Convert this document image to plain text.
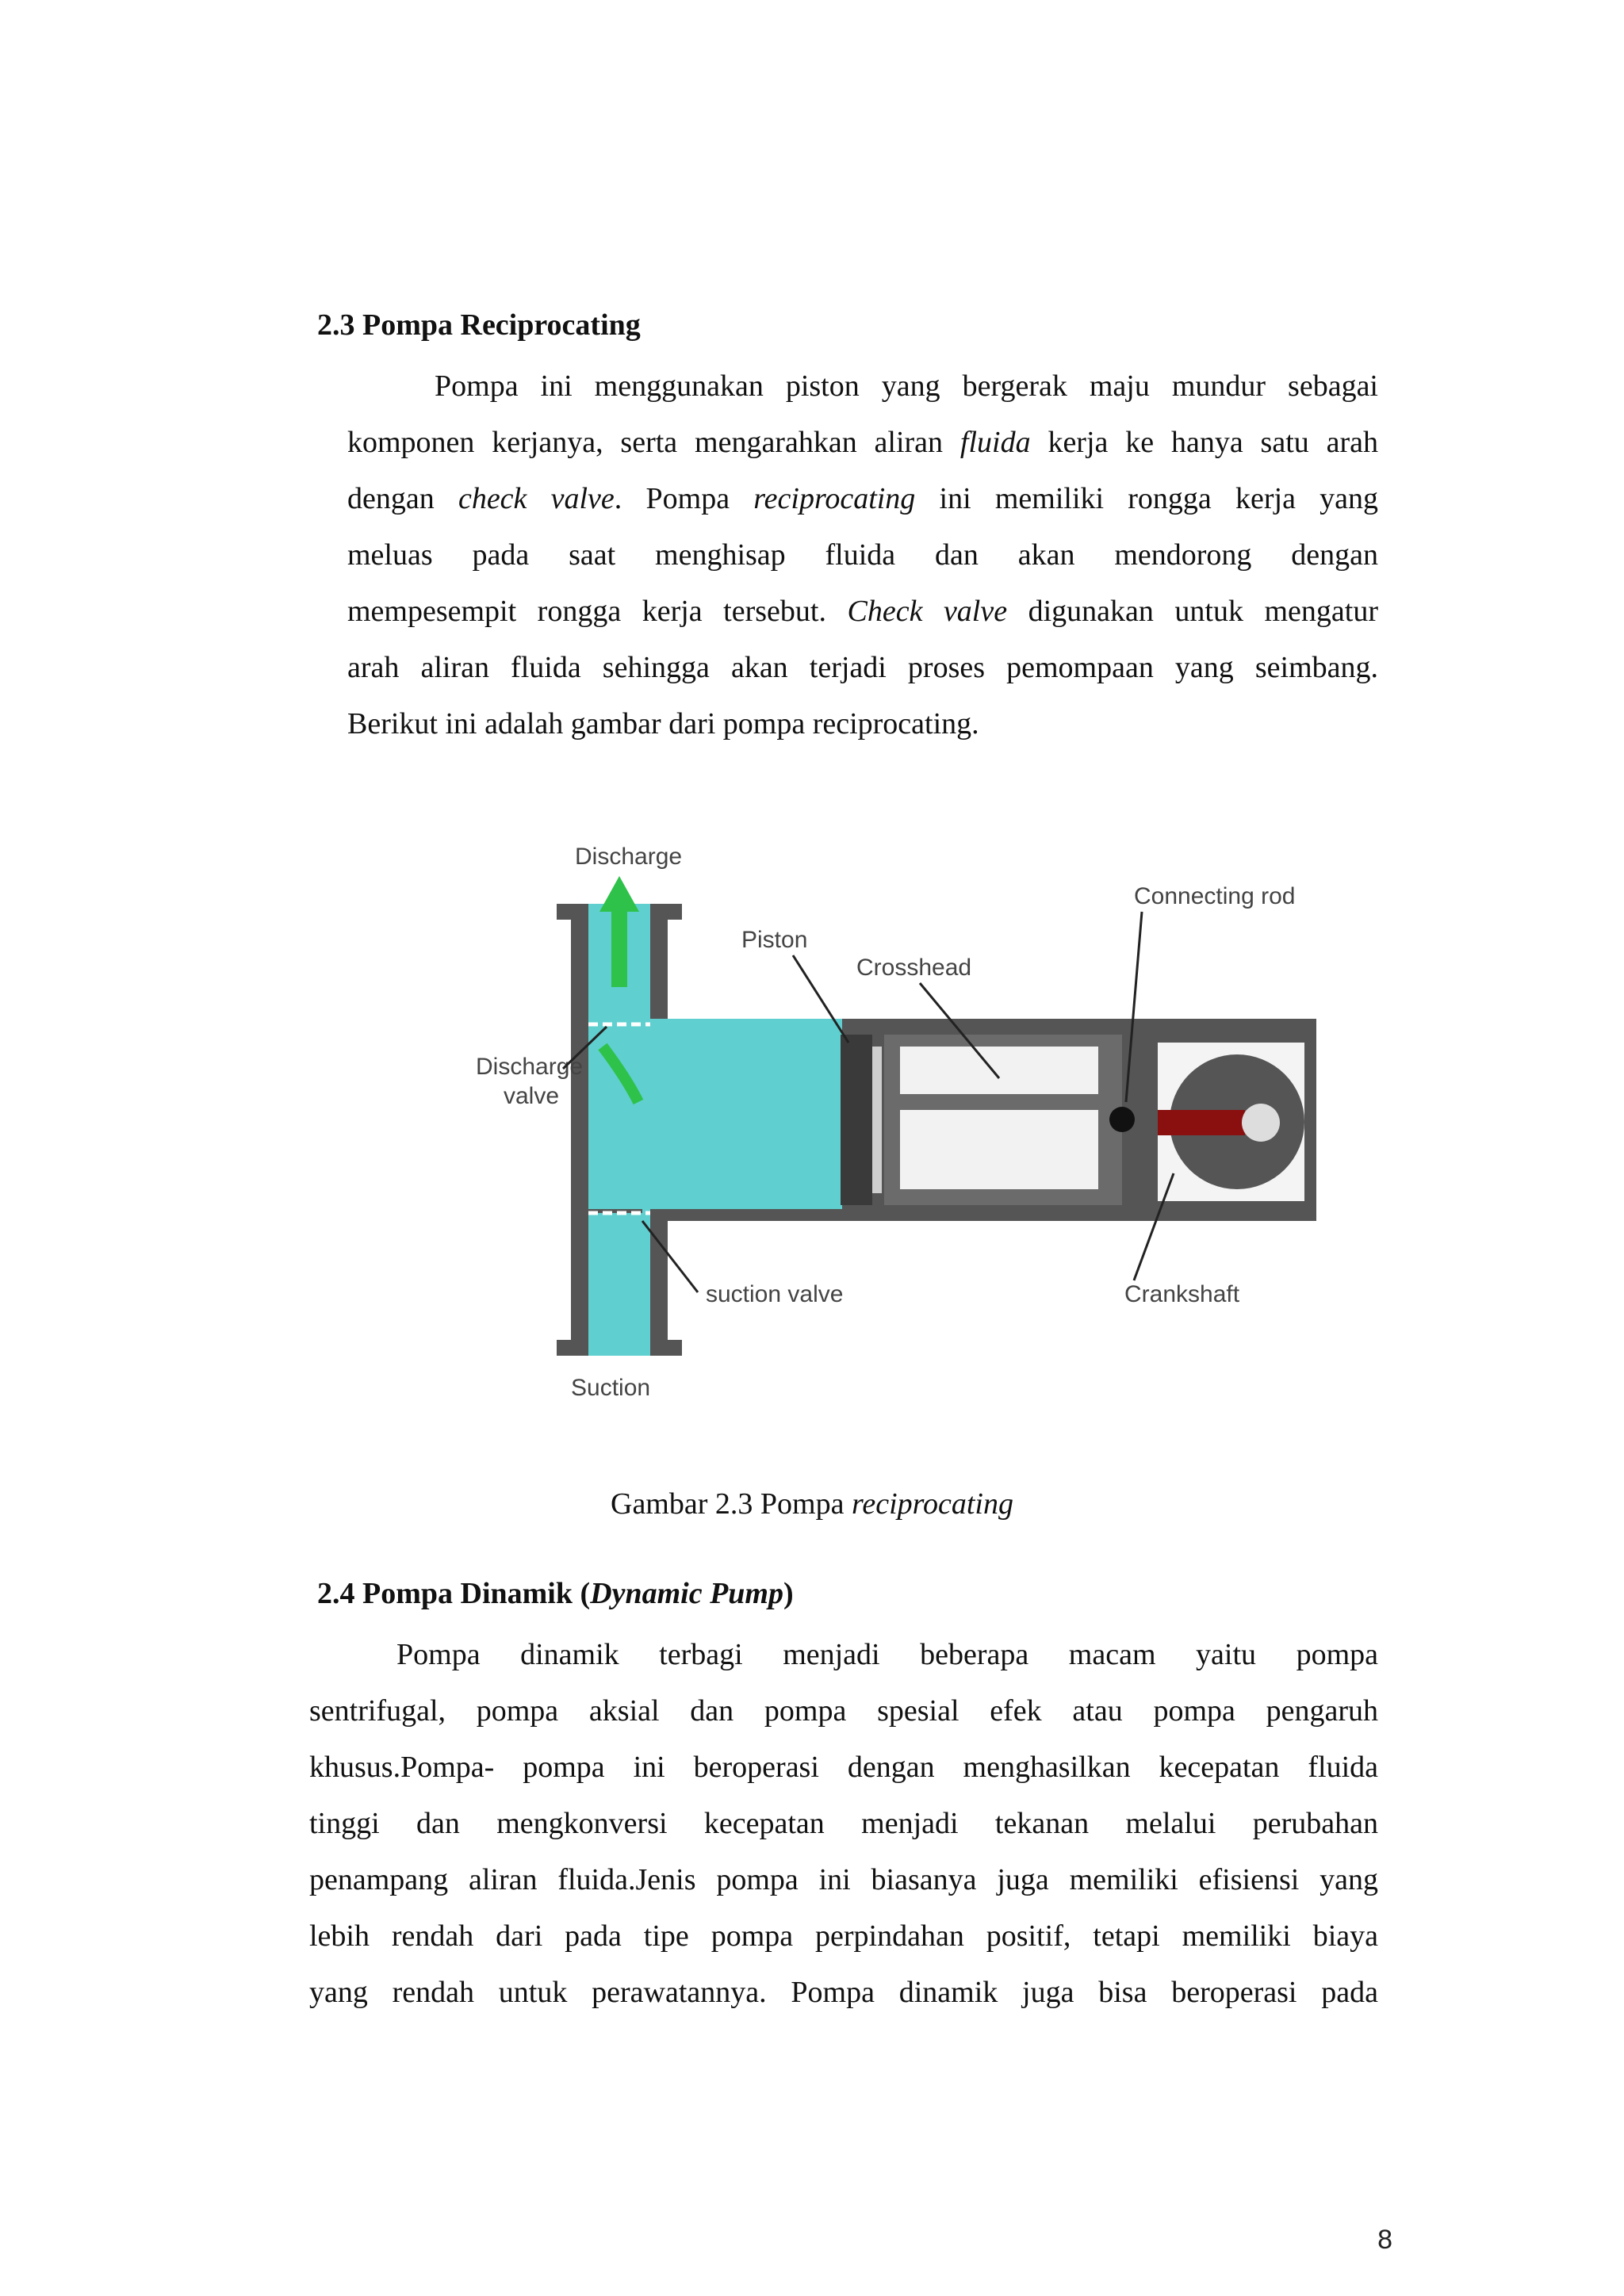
2.3 Pompa Reciprocating
Pompa ini menggunakan piston yang bergerak maju mundur sebagai
komponen kerjanya, serta mengarahkan aliran fluida kerja ke hanya satu arah
dengan check valve. Pompa reciprocating ini memiliki rongga kerja yang
meluas pada saat menghisap fluida dan akan mendorong dengan
mempesempit rongga kerja tersebut. Check valve digunakan untuk mengatur
arah aliran fluida sehingga akan terjadi proses pemompaan yang seimbang.
Berikut ini adalah gambar dari pompa reciprocating.
Discharge
Piston
Crosshead
Connecting rod
Discharge
valve
suction valve	Crankshaft
Suction
Gambar 2.3 Pompa reciprocating
2.4 Pompa Dinamik (Dynamic Pump)
Pompa dinamik terbagi menjadi beberapa macam yaitu pompa
sentrifugal, pompa aksial dan pompa spesial efek atau pompa pengaruh
khusus.Pompa- pompa ini beroperasi dengan menghasilkan kecepatan fluida
tinggi dan mengkonversi kecepatan menjadi tekanan melalui perubahan
penampang aliran fluida.Jenis pompa ini biasanya juga memiliki efisiensi yang
lebih rendah dari pada tipe pompa perpindahan positif, tetapi memiliki biaya
yang rendah untuk perawatannya. Pompa dinamik juga bisa beroperasi pada
8
